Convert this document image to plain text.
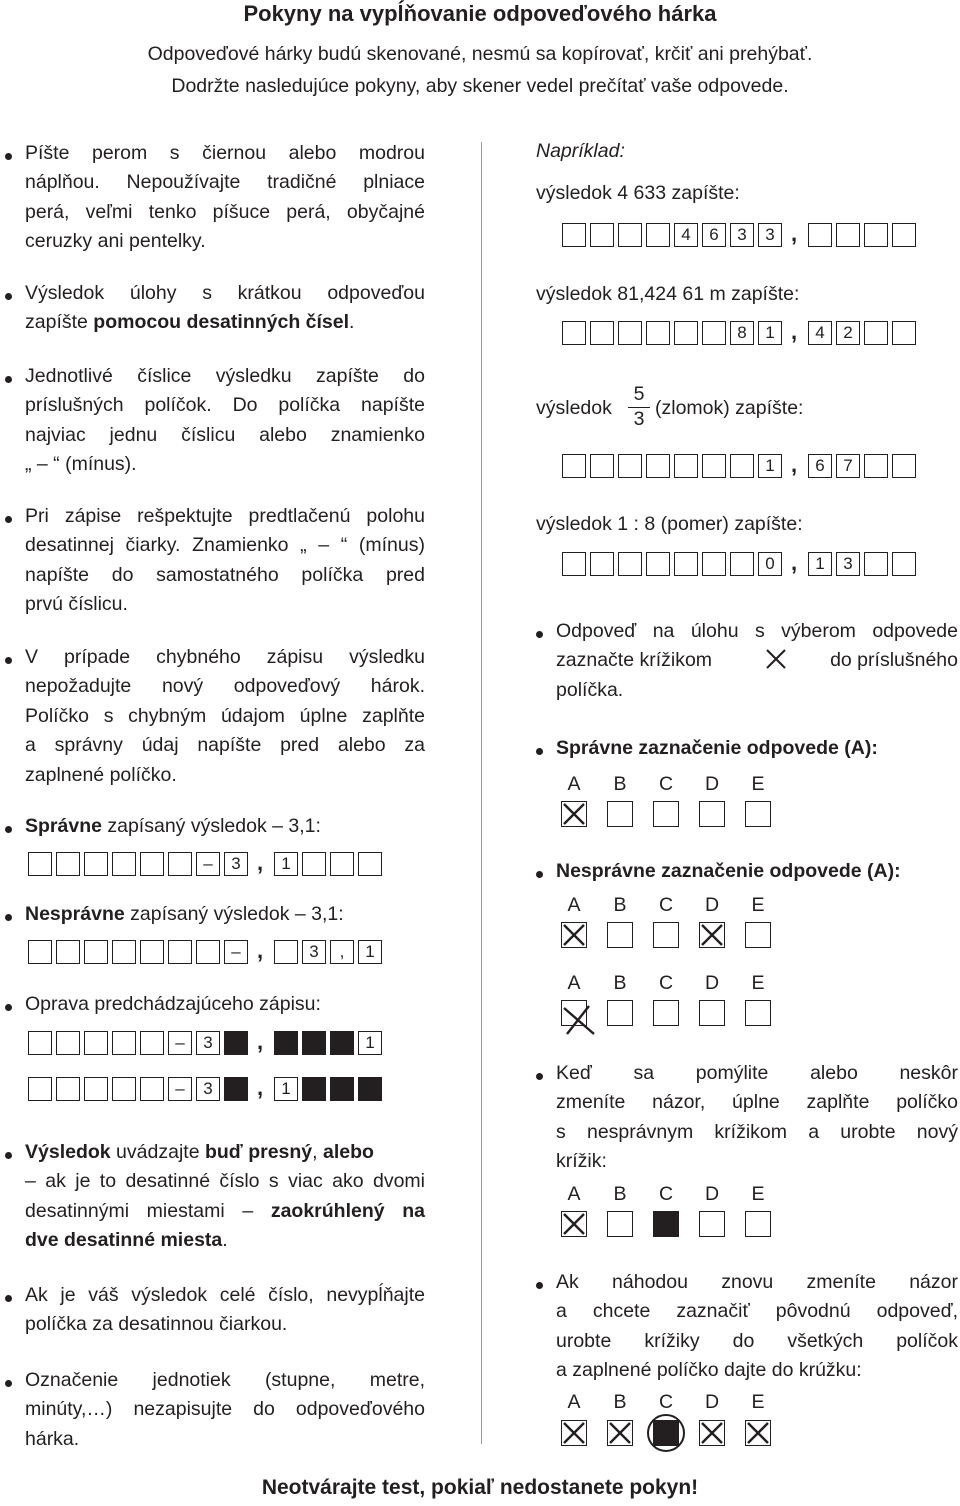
Pokyny na vypĺňovanie odpoveďového hárka
Odpoveďové hárky budú skenované, nesmú sa kopírovať, krčiť ani prehýbať.
Dodržte nasledujúce pokyny, aby skener vedel prečítať vaše odpovede.
Píšte perom s čiernou alebo modrou
náplňou. Nepoužívajte tradičné plniace
perá, veľmi tenko píšuce perá, obyčajné
ceruzky ani pentelky.
Výsledok úlohy s krátkou odpoveďou
zapíšte pomocou desatinných čísel.
Jednotlivé číslice výsledku zapíšte do
príslušných políčok. Do políčka napíšte
najviac jednu číslicu alebo znamienko
„ – “ (mínus).
Pri zápise rešpektujte predtlačenú polohu
desatinnej čiarky. Znamienko „ – “ (mínus)
napíšte do samostatného políčka pred
prvú číslicu.
V prípade chybného zápisu výsledku
nepožadujte nový odpoveďový hárok.
Políčko s chybným údajom úplne zaplňte
a správny údaj napíšte pred alebo za
zaplnené políčko.
Správne zapísaný výsledok – 3,1:
–	3 ,	1
Nesprávne zapísaný výsledok – 3,1:
– ,	3	,	1
Oprava predchádzajúceho zápisu:
–	3	,	1
–	3	,	1
Výsledok uvádzajte buď presný, alebo
– ak je to desatinné číslo s viac ako dvomi
desatinnými miestami – zaokrúhlený na
dve desatinné miesta.
Ak je váš výsledok celé číslo, nevypĺňajte
políčka za desatinnou čiarkou.
Označenie jednotiek (stupne, metre,
minúty,…) nezapisujte do odpoveďového
hárka.
Napríklad:
výsledok 4 633 zapíšte:
4	6	3	3 ,
výsledok 81,424 61 m zapíšte:
8	1 ,	4	2
výsledok
5
3 (zlomok) zapíšte:
1 ,	6	7
výsledok 1 : 8 (pomer) zapíšte:
0 ,	1	3
Odpoveď na úlohu s výberom odpovede
zaznačte krížikom	do príslušného
políčka.
Správne zaznačenie odpovede (A):
A	B	C	D	E
Nesprávne zaznačenie odpovede (A):
A	B	C	D	E
A	B	C	D	E
Keď sa pomýlite alebo neskôr
zmeníte názor, úplne zaplňte políčko
s nesprávnym krížikom a urobte nový
krížik:
A	B	C	D	E
Ak náhodou znovu zmeníte názor
a chcete zaznačiť pôvodnú odpoveď,
urobte krížiky do všetkých políčok
a zaplnené políčko dajte do krúžku:
A	B	C	D	E
Neotvárajte test, pokiaľ nedostanete pokyn!
